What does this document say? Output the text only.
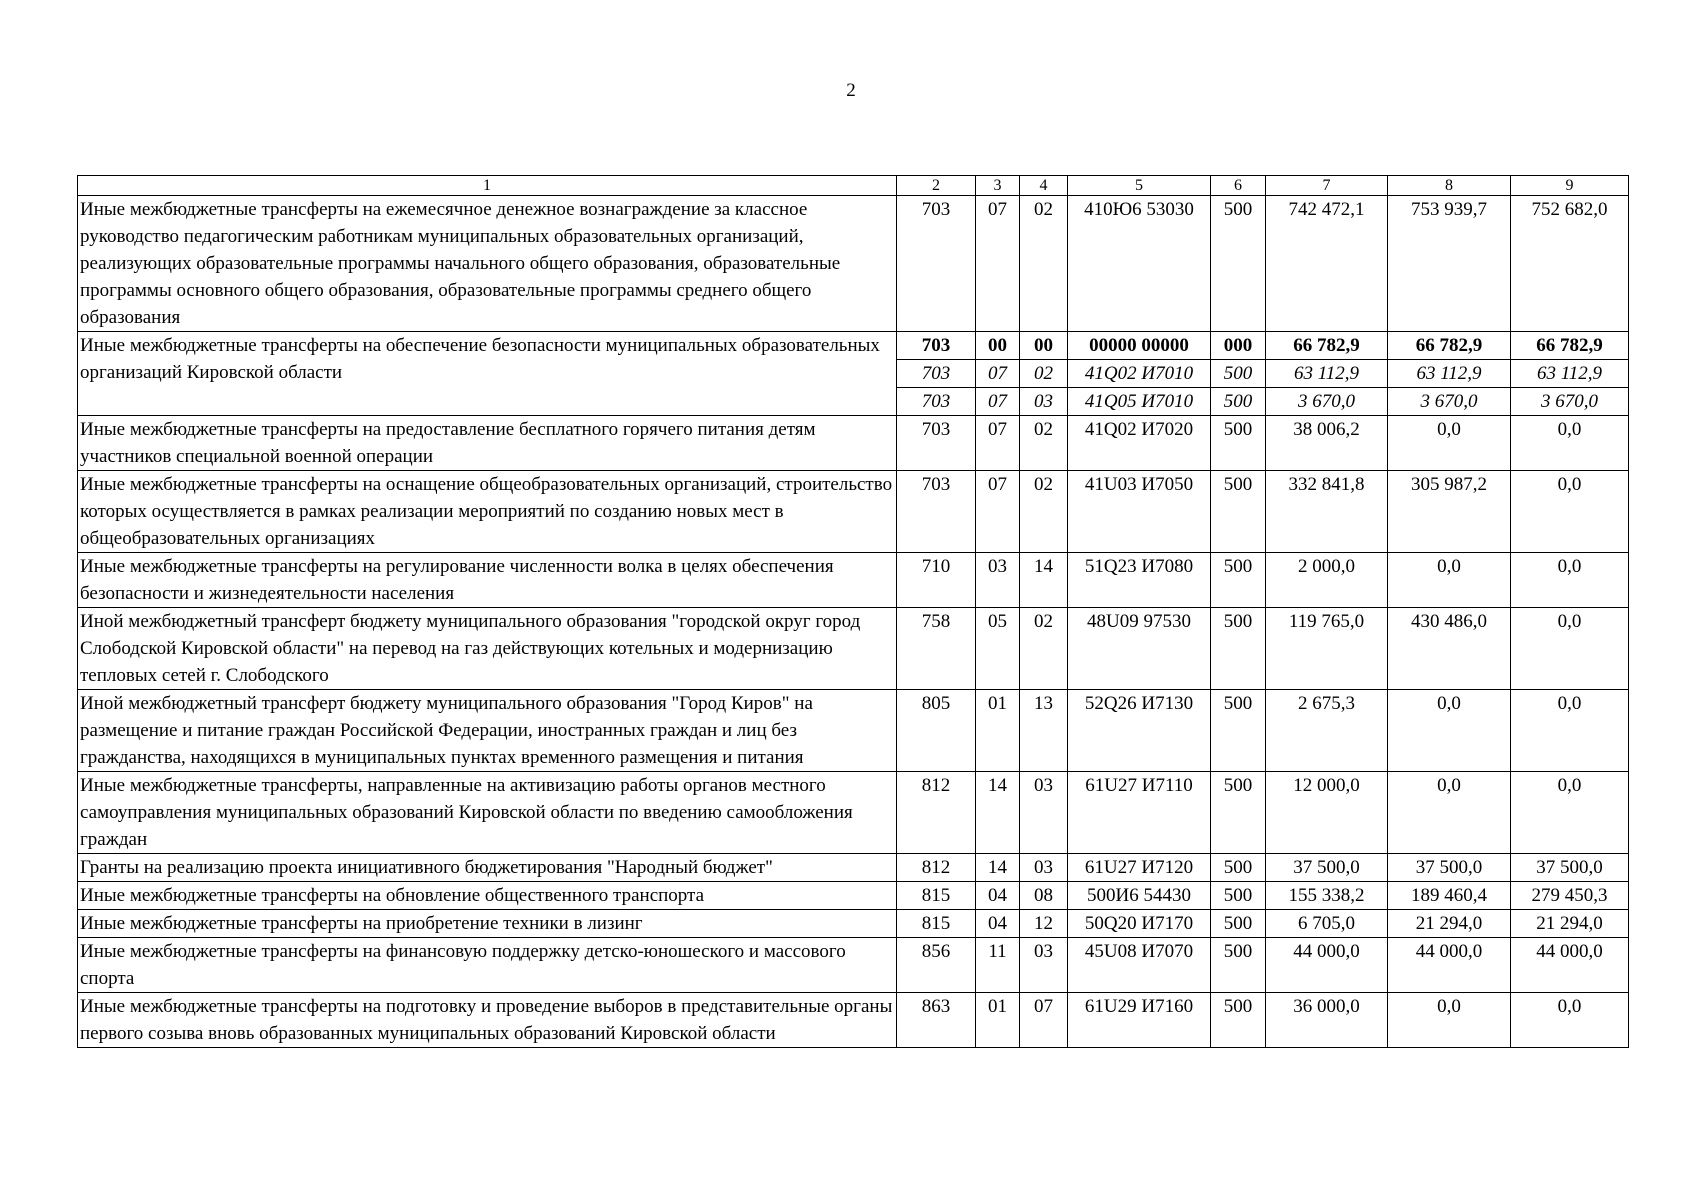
2
1	2	3	4	5	6	7	8	9
Иные межбюджетные трансферты на ежемесячное денежное вознаграждение за классное руководство педагогическим работникам муниципальных образовательных организаций, реализующих образовательные программы начального общего образования, образовательные программы основного общего образования, образовательные программы среднего общего образования	703	07	02	410Ю6 53030	500	742 472,1	753 939,7	752 682,0
Иные межбюджетные трансферты на обеспечение безопасности муниципальных образовательных организаций Кировской области	703	00	00	00000 00000	000	66 782,9	66 782,9	66 782,9
	703	07	02	41Q02 И7010	500	63 112,9	63 112,9	63 112,9
	703	07	03	41Q05 И7010	500	3 670,0	3 670,0	3 670,0
Иные межбюджетные трансферты на предоставление бесплатного горячего питания детям участников специальной военной операции	703	07	02	41Q02 И7020	500	38 006,2	0,0	0,0
Иные межбюджетные трансферты на оснащение общеобразовательных организаций, строительство которых осуществляется в рамках реализации мероприятий по созданию новых мест в общеобразовательных организациях	703	07	02	41U03 И7050	500	332 841,8	305 987,2	0,0
Иные межбюджетные трансферты на регулирование численности волка в целях обеспечения безопасности и жизнедеятельности населения	710	03	14	51Q23 И7080	500	2 000,0	0,0	0,0
Иной межбюджетный трансферт бюджету муниципального образования "городской округ город Слободской Кировской области" на перевод на газ действующих котельных и модернизацию тепловых сетей г. Слободского	758	05	02	48U09 97530	500	119 765,0	430 486,0	0,0
Иной межбюджетный трансферт бюджету муниципального образования "Город Киров" на размещение и питание граждан Российской Федерации, иностранных граждан и лиц без гражданства, находящихся в муниципальных пунктах временного размещения и питания	805	01	13	52Q26 И7130	500	2 675,3	0,0	0,0
Иные межбюджетные трансферты, направленные на активизацию работы органов местного самоуправления муниципальных образований Кировской области по введению самообложения граждан	812	14	03	61U27 И7110	500	12 000,0	0,0	0,0
Гранты на реализацию проекта инициативного бюджетирования "Народный бюджет"	812	14	03	61U27 И7120	500	37 500,0	37 500,0	37 500,0
Иные межбюджетные трансферты на обновление общественного транспорта	815	04	08	500И6 54430	500	155 338,2	189 460,4	279 450,3
Иные межбюджетные трансферты на приобретение техники в лизинг	815	04	12	50Q20 И7170	500	6 705,0	21 294,0	21 294,0
Иные межбюджетные трансферты на финансовую поддержку детско-юношеского и массового спорта	856	11	03	45U08 И7070	500	44 000,0	44 000,0	44 000,0
Иные межбюджетные трансферты на подготовку и проведение выборов в представительные органы первого созыва вновь образованных муниципальных образований Кировской области	863	01	07	61U29 И7160	500	36 000,0	0,0	0,0
